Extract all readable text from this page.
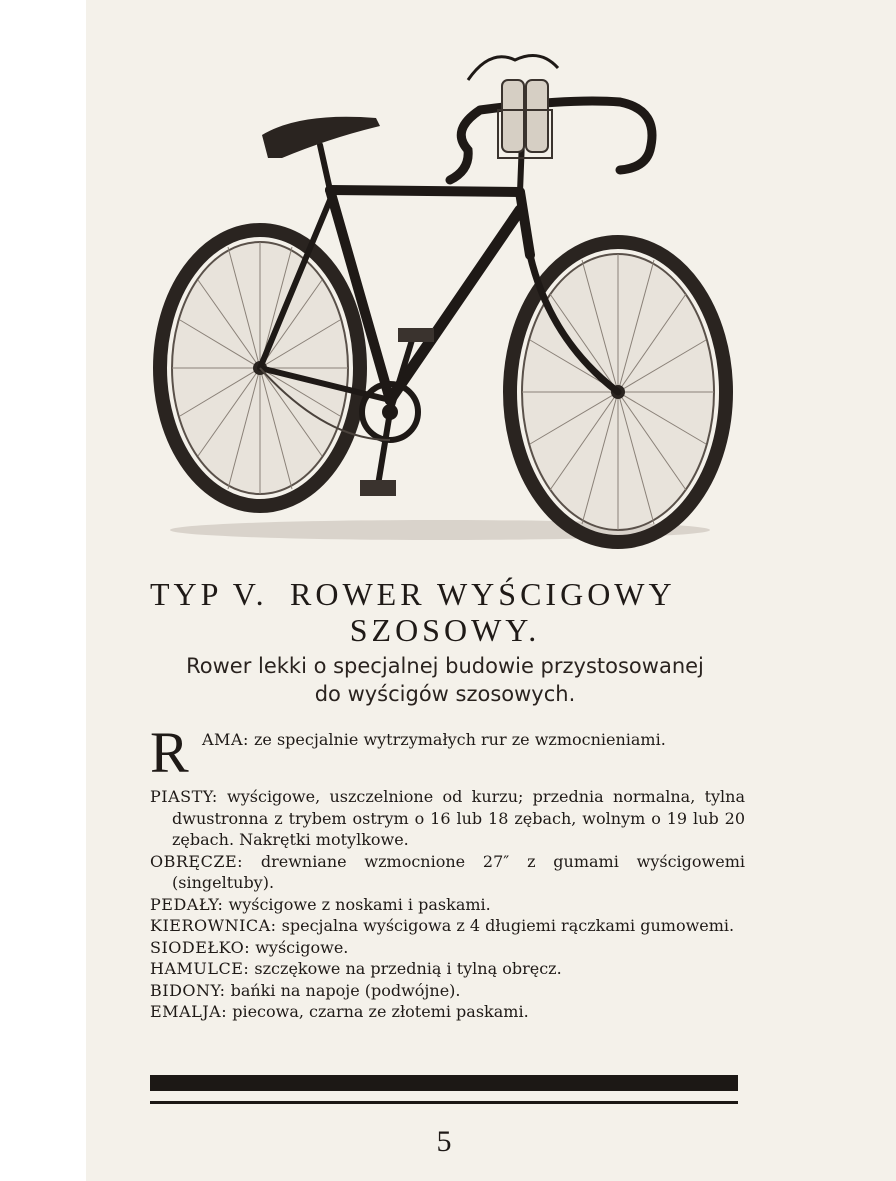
TYP V. ROWER WYŚCIGOWY
SZOSOWY.
Rower lekki o specjalnej budowie przystosowanej
do wyścigów szosowych.

R AMA: ze specjalnie wytrzymałych rur ze wzmocnieniami.

PIASTY: wyścigowe, uszczelnione od kurzu; przednia normalna, tylna dwustronna z trybem ostrym o 16 lub 18 zębach, wolnym o 19 lub 20 zębach. Nakrętki motylkowe.

OBRĘCZE: drewniane wzmocnione 27″ z gumami wyścigowemi (singeltuby).

PEDAŁY: wyścigowe z noskami i paskami.

KIEROWNICA: specjalna wyścigowa z 4 długiemi rączkami gumowemi.

SIODEŁKO: wyścigowe.

HAMULCE: szczękowe na przednią i tylną obręcz.

BIDONY: bańki na napoje (podwójne).

EMALJA: piecowa, czarna ze złotemi paskami.

5
